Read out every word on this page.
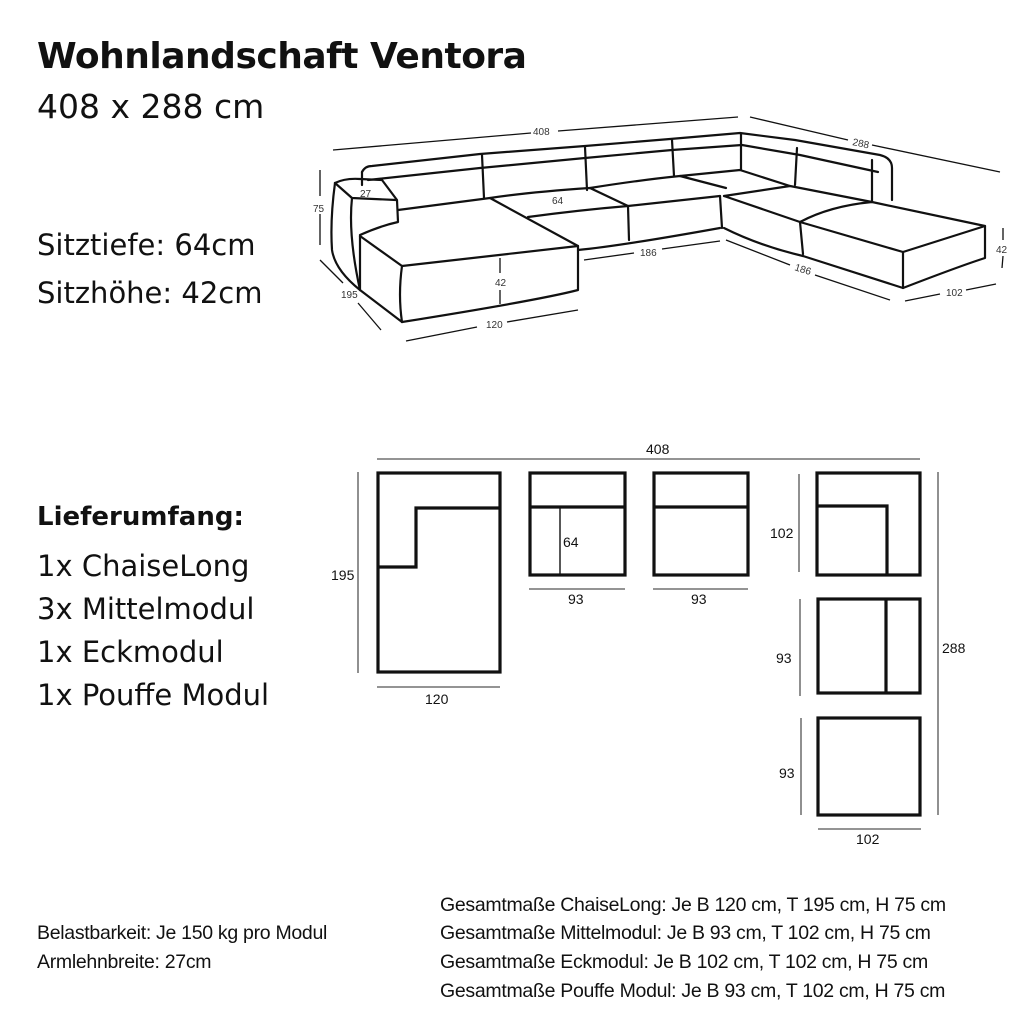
Wohnlandschaft Ventora
408 x 288 cm
Sitztiefe: 64cm
Sitzhöhe: 42cm
Lieferumfang:
1x ChaiseLong
3x Mittelmodul
1x Eckmodul
1x Pouffe Modul
408
288
75
27
64
42
195
120
186
186
102
42
408
195
120
64
93	93
102
93
93
288
102
Belastbarkeit: Je 150 kg pro Modul
Armlehnbreite: 27cm
Gesamtmaße ChaiseLong: Je B 120 cm, T 195 cm, H 75 cm
Gesamtmaße Mittelmodul: Je B 93 cm, T 102 cm, H 75 cm
Gesamtmaße Eckmodul: Je B 102 cm, T 102 cm, H 75 cm
Gesamtmaße Pouffe Modul: Je B 93 cm, T 102 cm, H 75 cm
